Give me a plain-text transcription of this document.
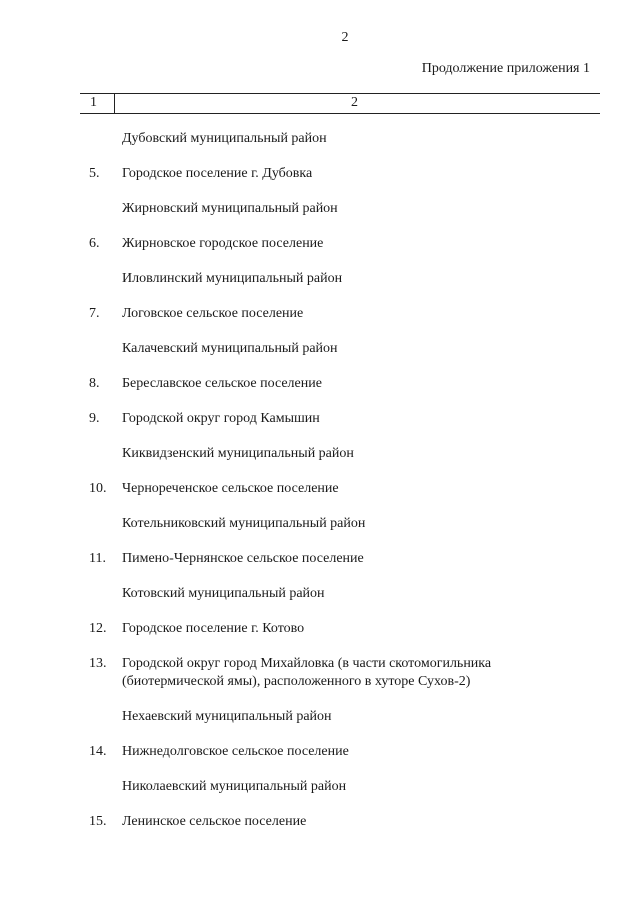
2
Продолжение приложения 1
1	2
Дубовский муниципальный район
5. Городское поселение г. Дубовка
Жирновский муниципальный район
6. Жирновское городское поселение
Иловлинский муниципальный район
7. Логовское сельское поселение
Калачевский муниципальный район
8. Береславское сельское поселение
9. Городской округ город Камышин
Киквидзенский муниципальный район
10. Чернореченское сельское поселение
Котельниковский муниципальный район
11. Пимено-Чернянское сельское поселение
Котовский муниципальный район
12. Городское поселение г. Котово
13. Городской округ город Михайловка (в части скотомогильника (биотермической ямы), расположенного в хуторе Сухов-2)
Нехаевский муниципальный район
14. Нижнедолговское сельское поселение
Николаевский муниципальный район
15. Ленинское сельское поселение
